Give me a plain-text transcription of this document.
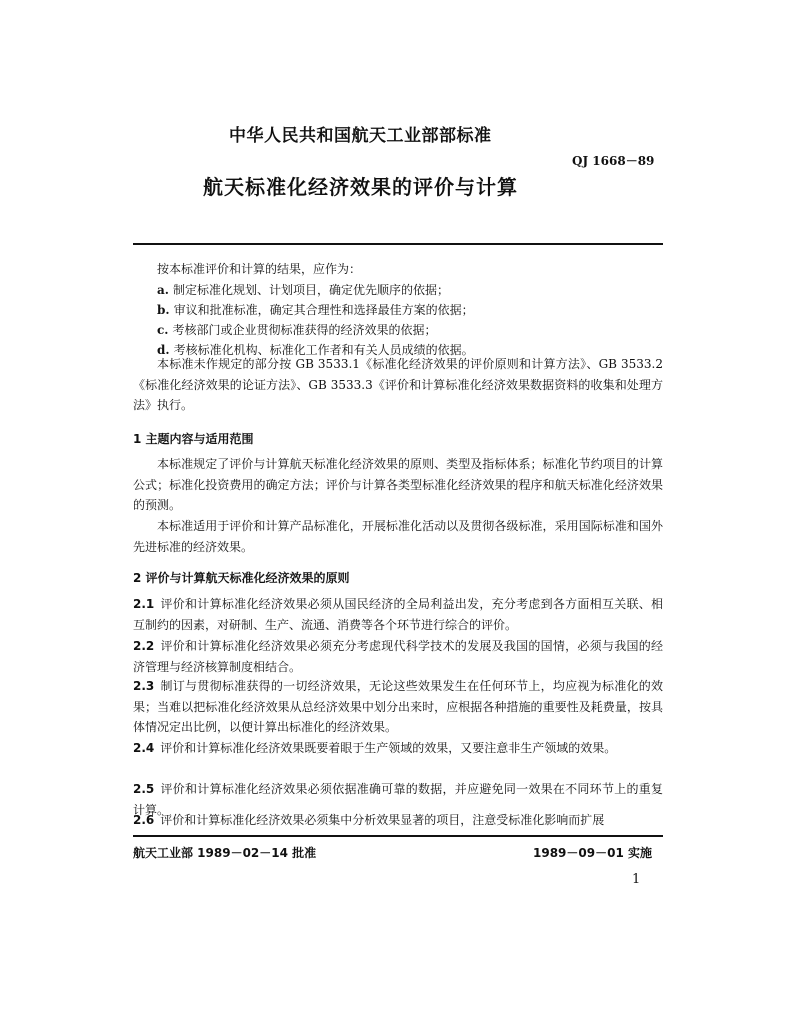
中华人民共和国航天工业部部标准
QJ 1668－89
航天标准化经济效果的评价与计算
按本标准评价和计算的结果，应作为：
a. 制定标准化规划、计划项目，确定优先顺序的依据；
b. 审议和批准标准，确定其合理性和选择最佳方案的依据；
c. 考核部门或企业贯彻标准获得的经济效果的依据；
d. 考核标准化机构、标准化工作者和有关人员成绩的依据。
本标准未作规定的部分按 GB 3533.1《标准化经济效果的评价原则和计算方法》、GB 3533.2《标准化经济效果的论证方法》、GB 3533.3《评价和计算标准化经济效果数据资料的收集和处理方法》执行。
1 主题内容与适用范围
本标准规定了评价与计算航天标准化经济效果的原则、类型及指标体系；标准化节约项目的计算公式；标准化投资费用的确定方法；评价与计算各类型标准化经济效果的程序和航天标准化经济效果的预测。
本标准适用于评价和计算产品标准化，开展标准化活动以及贯彻各级标准，采用国际标准和国外先进标准的经济效果。
2 评价与计算航天标准化经济效果的原则
2.1 评价和计算标准化经济效果必须从国民经济的全局利益出发，充分考虑到各方面相互关联、相互制约的因素，对研制、生产、流通、消费等各个环节进行综合的评价。
2.2 评价和计算标准化经济效果必须充分考虑现代科学技术的发展及我国的国情，必须与我国的经济管理与经济核算制度相结合。
2.3 制订与贯彻标准获得的一切经济效果，无论这些效果发生在任何环节上，均应视为标准化的效果；当难以把标准化经济效果从总经济效果中划分出来时，应根据各种措施的重要性及耗费量，按具体情况定出比例，以便计算出标准化的经济效果。
2.4 评价和计算标准化经济效果既要着眼于生产领域的效果，又要注意非生产领域的效果。
2.5 评价和计算标准化经济效果必须依据准确可靠的数据，并应避免同一效果在不同环节上的重复计算。
2.6 评价和计算标准化经济效果必须集中分析效果显著的项目，注意受标准化影响而扩展
航天工业部 1989－02－14 批准	1989－09－01 实施
1
